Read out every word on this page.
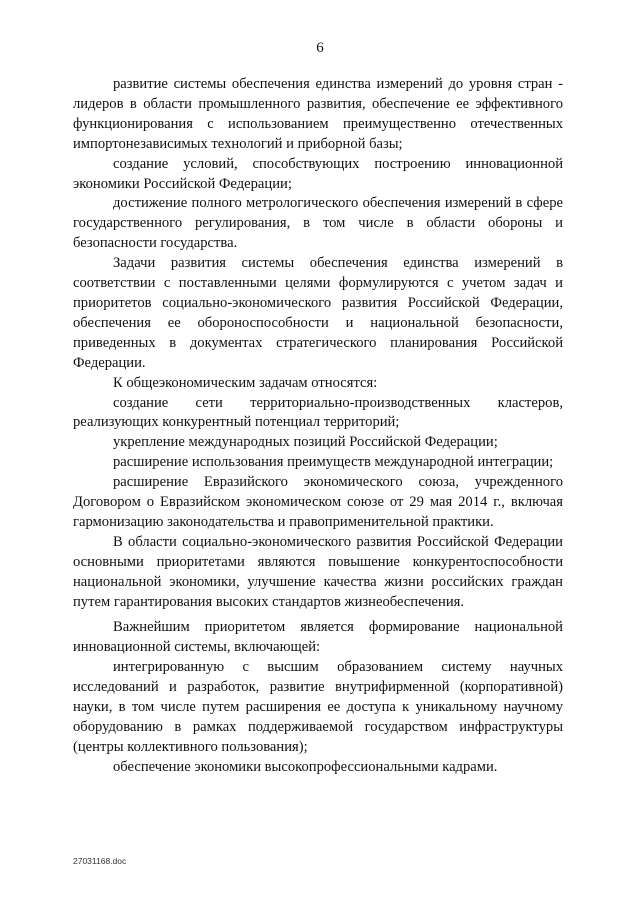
6

развитие системы обеспечения единства измерений до уровня стран - лидеров в области промышленного развития, обеспечение ее эффективного функционирования с использованием преимущественно отечественных импортонезависимых технологий и приборной базы;

создание условий, способствующих построению инновационной экономики Российской Федерации;

достижение полного метрологического обеспечения измерений в сфере государственного регулирования, в том числе в области обороны и безопасности государства.

Задачи развития системы обеспечения единства измерений в соответствии с поставленными целями формулируются с учетом задач и приоритетов социально-экономического развития Российской Федерации, обеспечения ее обороноспособности и национальной безопасности, приведенных в документах стратегического планирования Российской Федерации.

К общеэкономическим задачам относятся:

создание сети территориально-производственных кластеров, реализующих конкурентный потенциал территорий;

укрепление международных позиций Российской Федерации;

расширение использования преимуществ международной интеграции;

расширение Евразийского экономического союза, учрежденного Договором о Евразийском экономическом союзе от 29 мая 2014 г., включая гармонизацию законодательства и правоприменительной практики.

В области социально-экономического развития Российской Федерации основными приоритетами являются повышение конкурентоспособности национальной экономики, улучшение качества жизни российских граждан путем гарантирования высоких стандартов жизнеобеспечения.

Важнейшим приоритетом является формирование национальной инновационной системы, включающей:

интегрированную с высшим образованием систему научных исследований и разработок, развитие внутрифирменной (корпоративной) науки, в том числе путем расширения ее доступа к уникальному научному оборудованию в рамках поддерживаемой государством инфраструктуры (центры коллективного пользования);

обеспечение экономики высокопрофессиональными кадрами.

27031168.doc
